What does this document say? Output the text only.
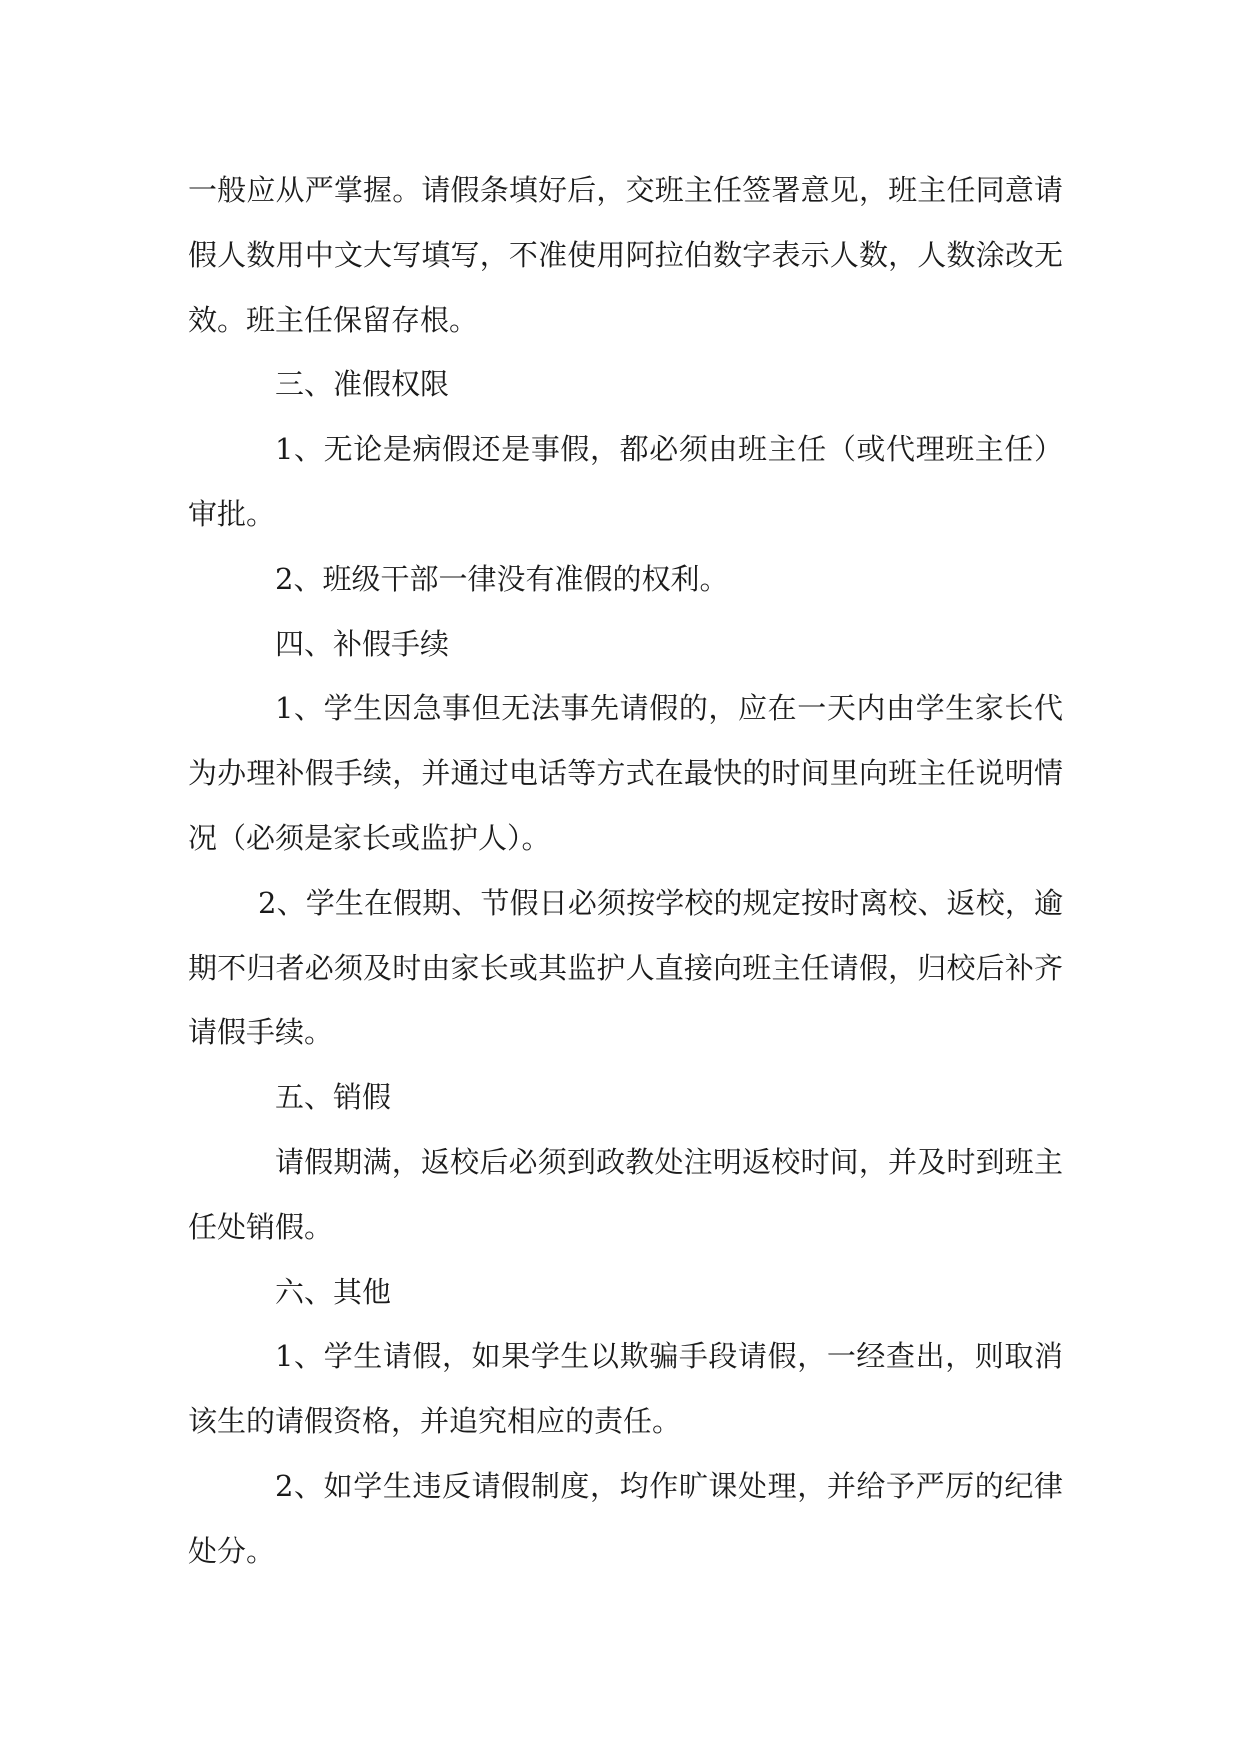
一般应从严掌握。请假条填好后，交班主任签署意见，班主任同意请假人数用中文大写填写，不准使用阿拉伯数字表示人数，人数涂改无效。班主任保留存根。

三、准假权限

1、无论是病假还是事假，都必须由班主任（或代理班主任）审批。

2、班级干部一律没有准假的权利。

四、补假手续

1、学生因急事但无法事先请假的，应在一天内由学生家长代为办理补假手续，并通过电话等方式在最快的时间里向班主任说明情况（必须是家长或监护人）。

2、学生在假期、节假日必须按学校的规定按时离校、返校，逾期不归者必须及时由家长或其监护人直接向班主任请假，归校后补齐请假手续。

五、销假

请假期满，返校后必须到政教处注明返校时间，并及时到班主任处销假。

六、其他

1、学生请假，如果学生以欺骗手段请假，一经查出，则取消该生的请假资格，并追究相应的责任。

2、如学生违反请假制度，均作旷课处理，并给予严厉的纪律处分。
